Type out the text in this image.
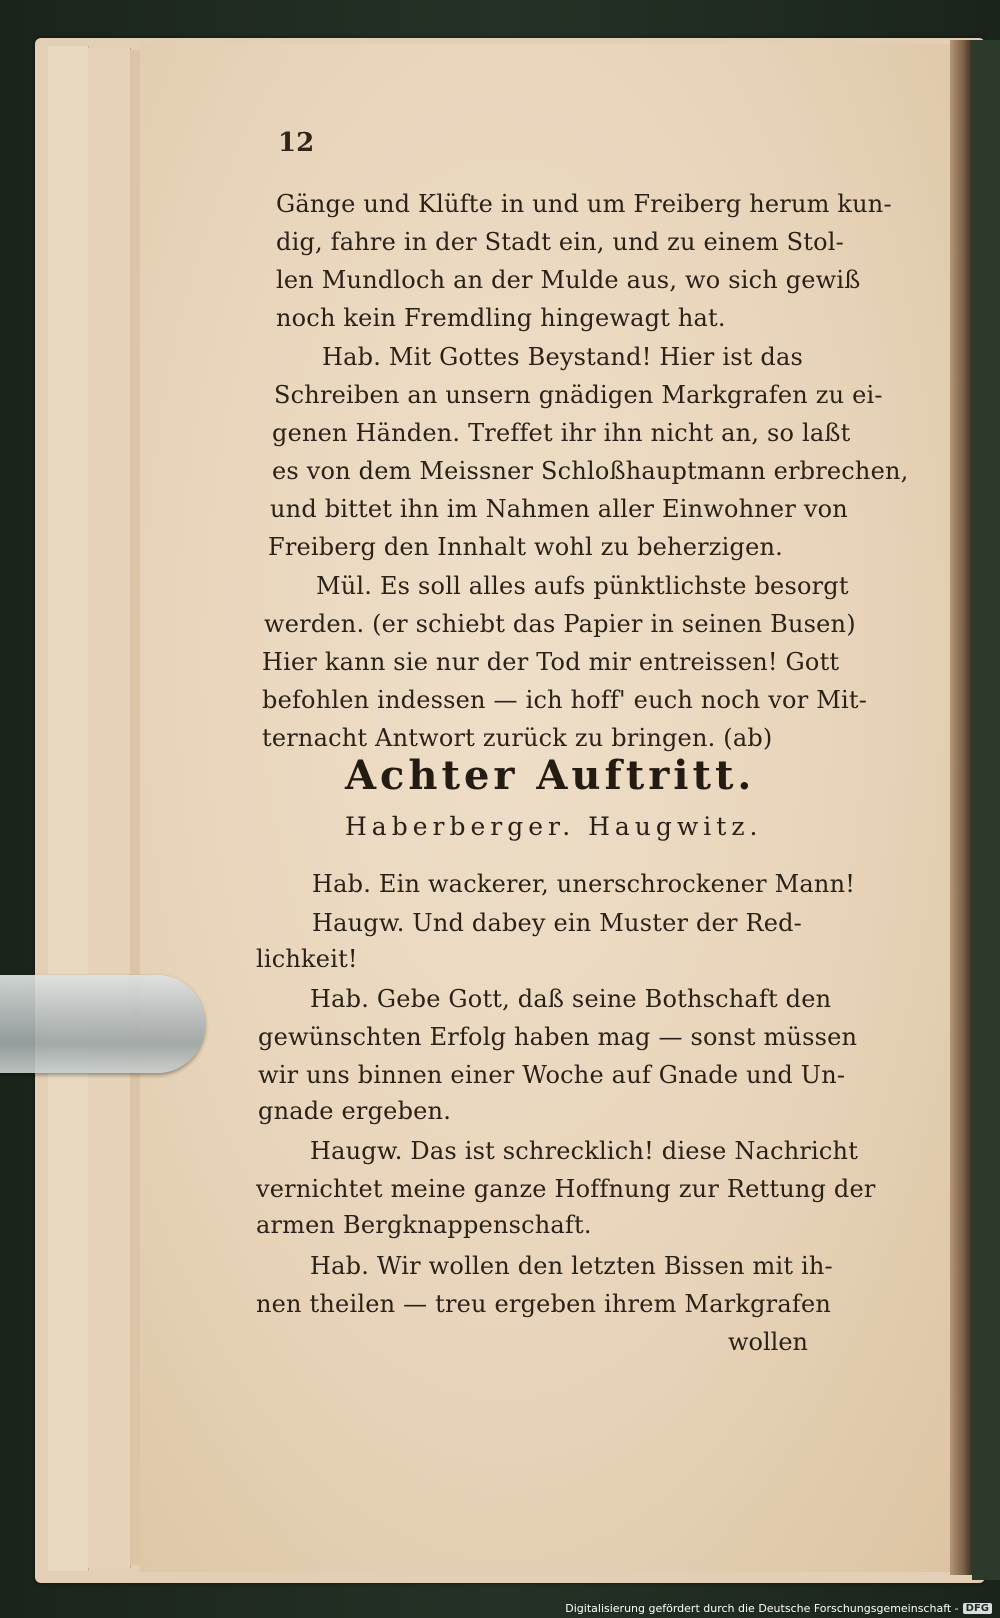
12

Gänge und Klüfte in und um Freiberg herum kun-

dig, fahre in der Stadt ein, und zu einem Stol-

len Mundloch an der Mulde aus, wo sich gewiß

noch kein Fremdling hingewagt hat.

Hab. Mit Gottes Beystand! Hier ist das

Schreiben an unsern gnädigen Markgrafen zu ei-

genen Händen. Treffet ihr ihn nicht an, so laßt

es von dem Meissner Schloßhauptmann erbrechen,

und bittet ihn im Nahmen aller Einwohner von

Freiberg den Innhalt wohl zu beherzigen.

Mül. Es soll alles aufs pünktlichste besorgt

werden. (er schiebt das Papier in seinen Busen)

Hier kann sie nur der Tod mir entreissen! Gott

befohlen indessen — ich hoff' euch noch vor Mit-

ternacht Antwort zurück zu bringen. (ab)

Achter Auftritt.

Haberberger. Haugwitz.

Hab. Ein wackerer, unerschrockener Mann!

Haugw. Und dabey ein Muster der Red-

lichkeit!

Hab. Gebe Gott, daß seine Bothschaft den

gewünschten Erfolg haben mag — sonst müssen

wir uns binnen einer Woche auf Gnade und Un-

gnade ergeben.

Haugw. Das ist schrecklich! diese Nachricht

vernichtet meine ganze Hoffnung zur Rettung der

armen Bergknappenschaft.

Hab. Wir wollen den letzten Bissen mit ih-

nen theilen — treu ergeben ihrem Markgrafen

wollen

Digitalisierung gefördert durch die Deutsche Forschungsgemeinschaft - DFG
